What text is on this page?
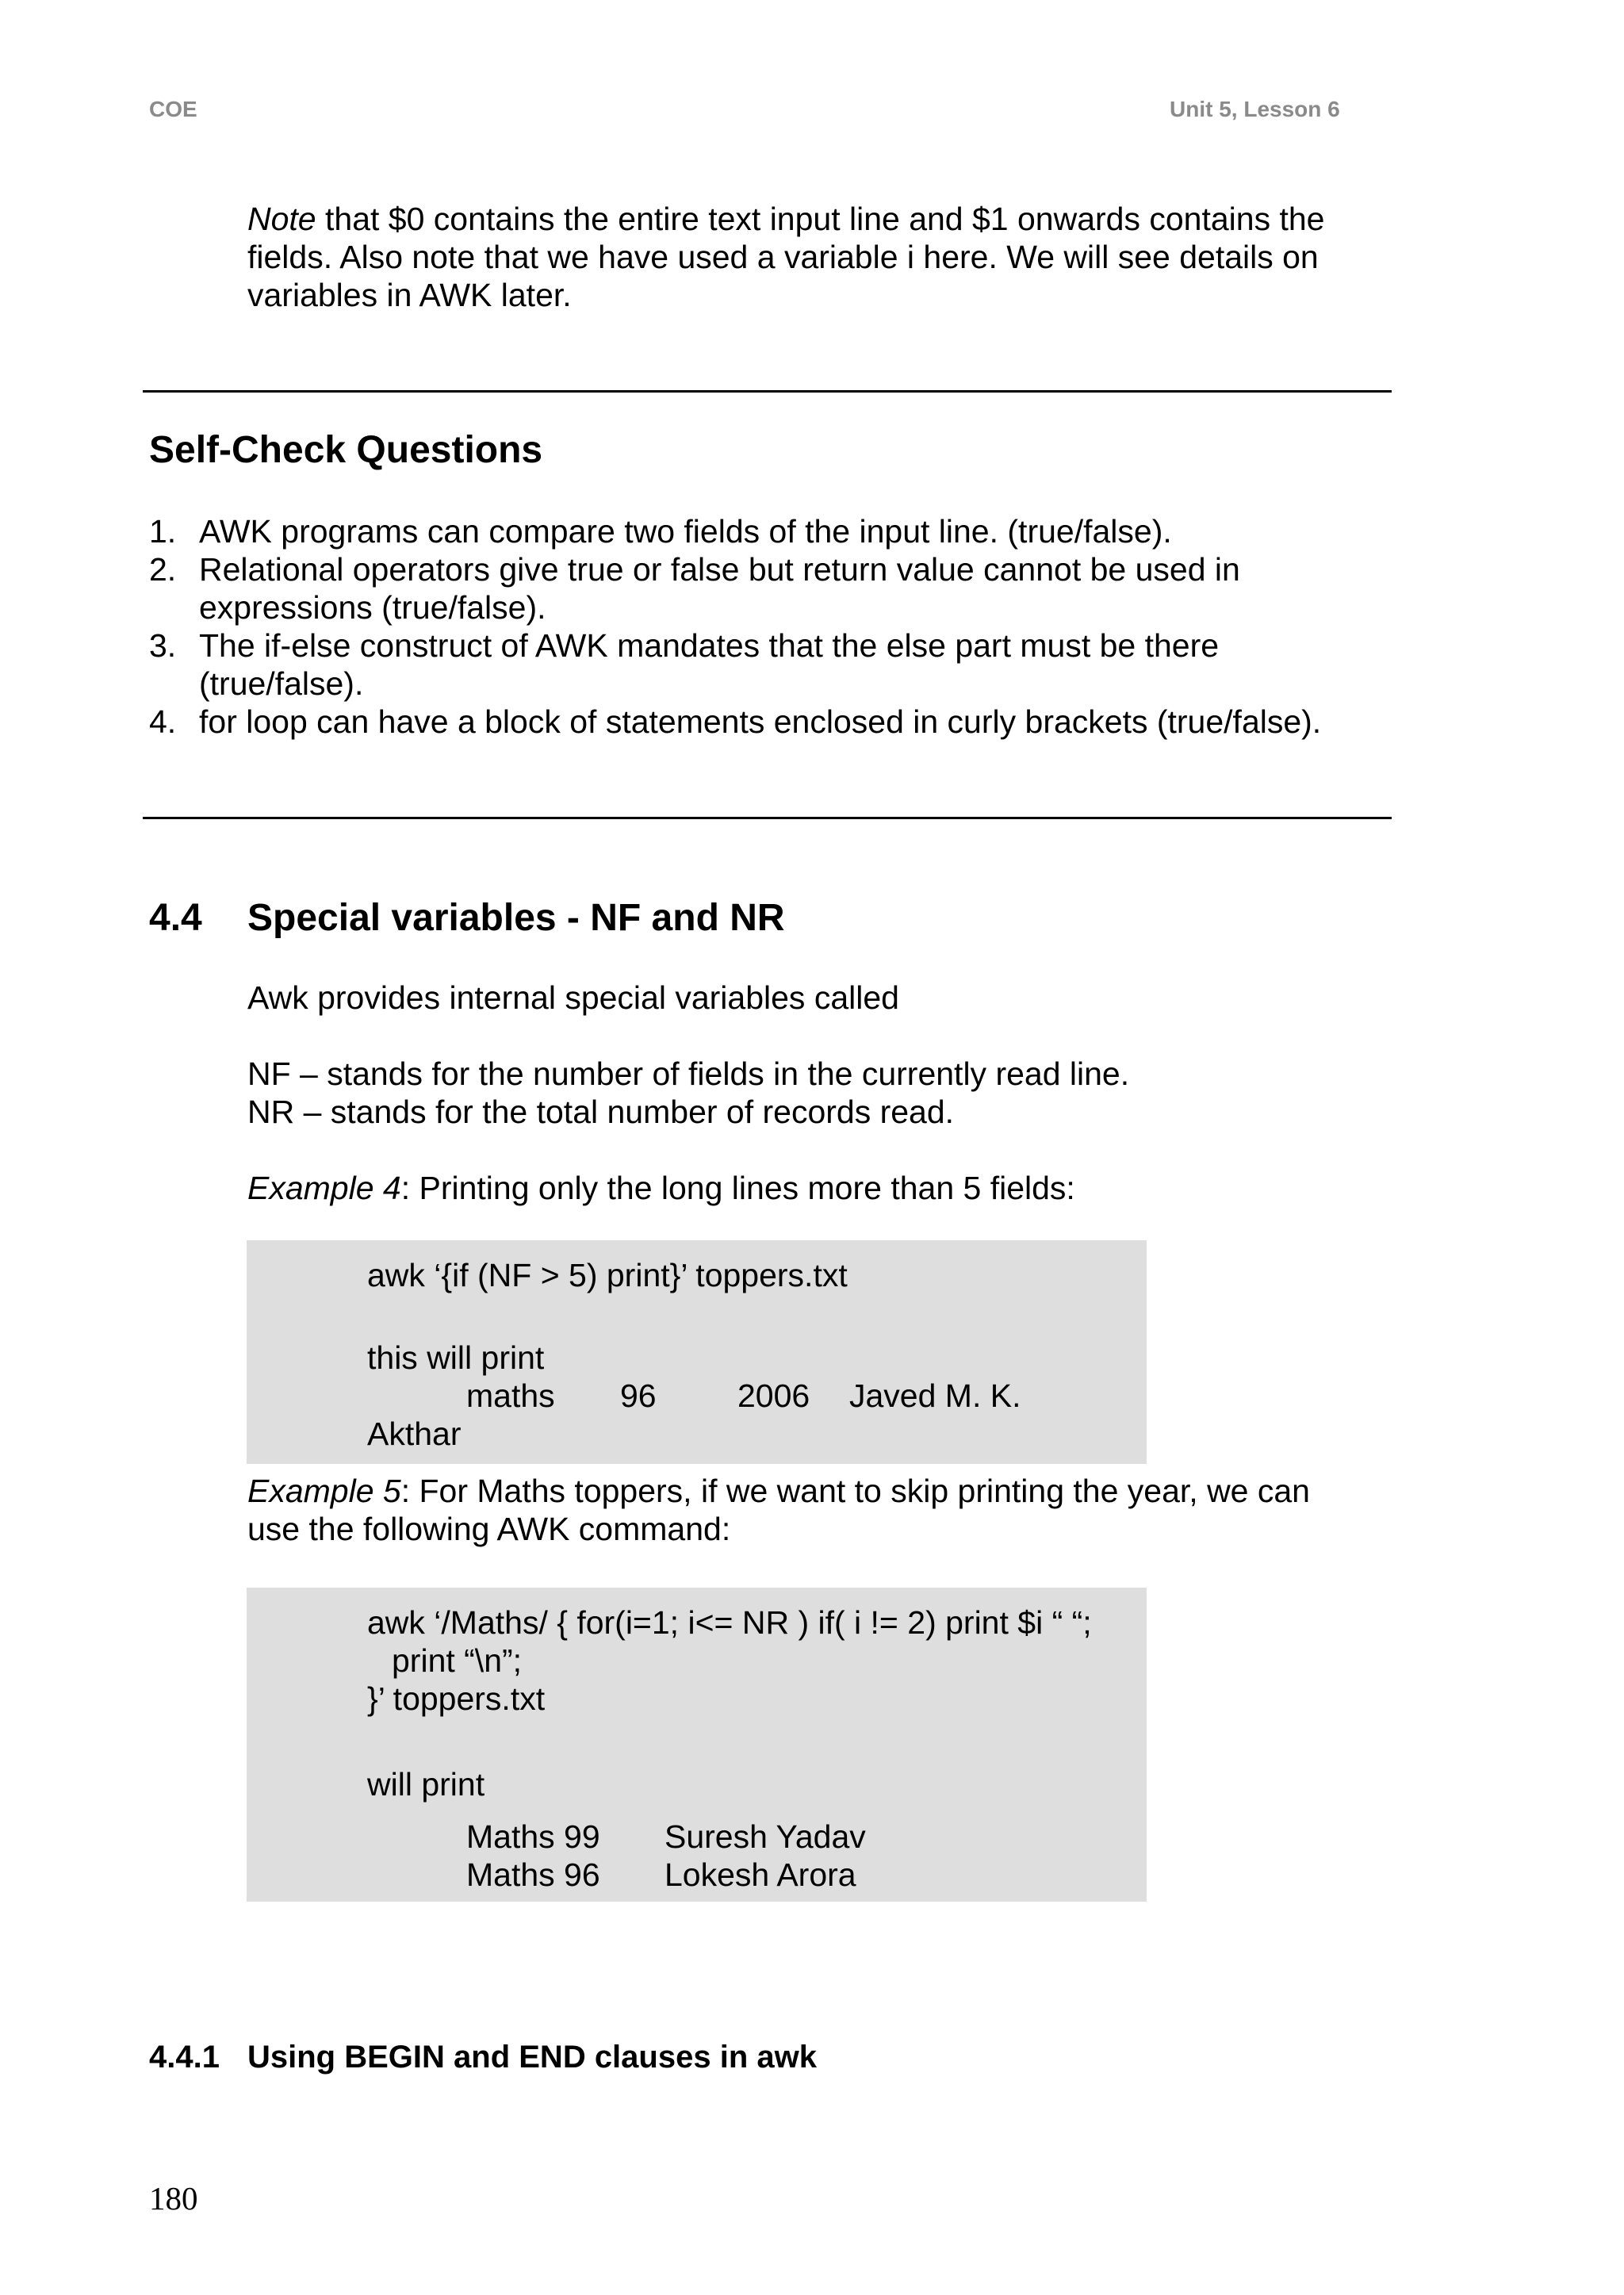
COE	Unit 5, Lesson 6
Note that $0 contains the entire text input line and $1 onwards contains the
fields. Also note that we have used a variable i here. We will see details on
variables in AWK later.
Self-Check Questions
1. AWK programs can compare two fields of the input line. (true/false).
2. Relational operators give true or false but return value cannot be used in
expressions (true/false).
3. The if-else construct of AWK mandates that the else part must be there
(true/false).
4. for loop can have a block of statements enclosed in curly brackets (true/false).
4.4 Special variables - NF and NR
Awk provides internal special variables called
NF – stands for the number of fields in the currently read line.
NR – stands for the total number of records read.
Example 4: Printing only the long lines more than 5 fields:
awk ‘{if (NF > 5) print}’ toppers.txt
this will print
maths 96 2006 Javed M. K.
Akthar
Example 5: For Maths toppers, if we want to skip printing the year, we can
use the following AWK command:
awk ‘/Maths/ { for(i=1; i<= NR ) if( i != 2) print $i “ “;
print “\n”;
}’ toppers.txt
will print
Maths 99 Suresh Yadav
Maths 96 Lokesh Arora
4.4.1 Using BEGIN and END clauses in awk
180
